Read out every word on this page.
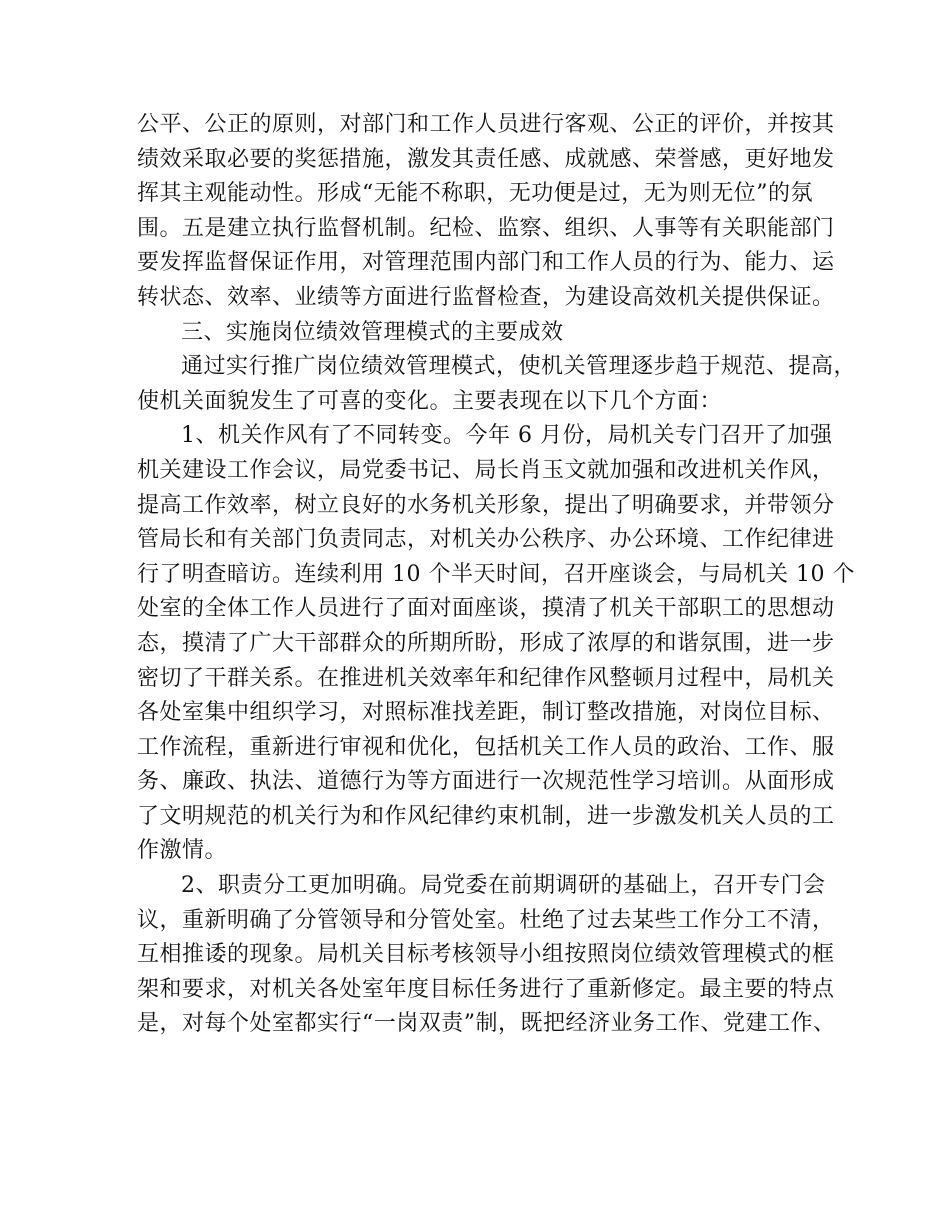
公平、公正的原则，对部门和工作人员进行客观、公正的评价，并按其
绩效采取必要的奖惩措施，激发其责任感、成就感、荣誉感，更好地发
挥其主观能动性。形成“无能不称职，无功便是过，无为则无位”的氛
围。五是建立执行监督机制。纪检、监察、组织、人事等有关职能部门
要发挥监督保证作用，对管理范围内部门和工作人员的行为、能力、运
转状态、效率、业绩等方面进行监督检查，为建设高效机关提供保证。
三、实施岗位绩效管理模式的主要成效
通过实行推广岗位绩效管理模式，使机关管理逐步趋于规范、提高，
使机关面貌发生了可喜的变化。主要表现在以下几个方面：
1、机关作风有了不同转变。今年 6 月份，局机关专门召开了加强
机关建设工作会议，局党委书记、局长肖玉文就加强和改进机关作风，
提高工作效率，树立良好的水务机关形象，提出了明确要求，并带领分
管局长和有关部门负责同志，对机关办公秩序、办公环境、工作纪律进
行了明查暗访。连续利用 10 个半天时间，召开座谈会，与局机关 10 个
处室的全体工作人员进行了面对面座谈，摸清了机关干部职工的思想动
态，摸清了广大干部群众的所期所盼，形成了浓厚的和谐氛围，进一步
密切了干群关系。在推进机关效率年和纪律作风整顿月过程中，局机关
各处室集中组织学习，对照标准找差距，制订整改措施，对岗位目标、
工作流程，重新进行审视和优化，包括机关工作人员的政治、工作、服
务、廉政、执法、道德行为等方面进行一次规范性学习培训。从面形成
了文明规范的机关行为和作风纪律约束机制，进一步激发机关人员的工
作激情。
2、职责分工更加明确。局党委在前期调研的基础上，召开专门会
议，重新明确了分管领导和分管处室。杜绝了过去某些工作分工不清，
互相推诿的现象。局机关目标考核领导小组按照岗位绩效管理模式的框
架和要求，对机关各处室年度目标任务进行了重新修定。最主要的特点
是，对每个处室都实行“一岗双责”制，既把经济业务工作、党建工作、
